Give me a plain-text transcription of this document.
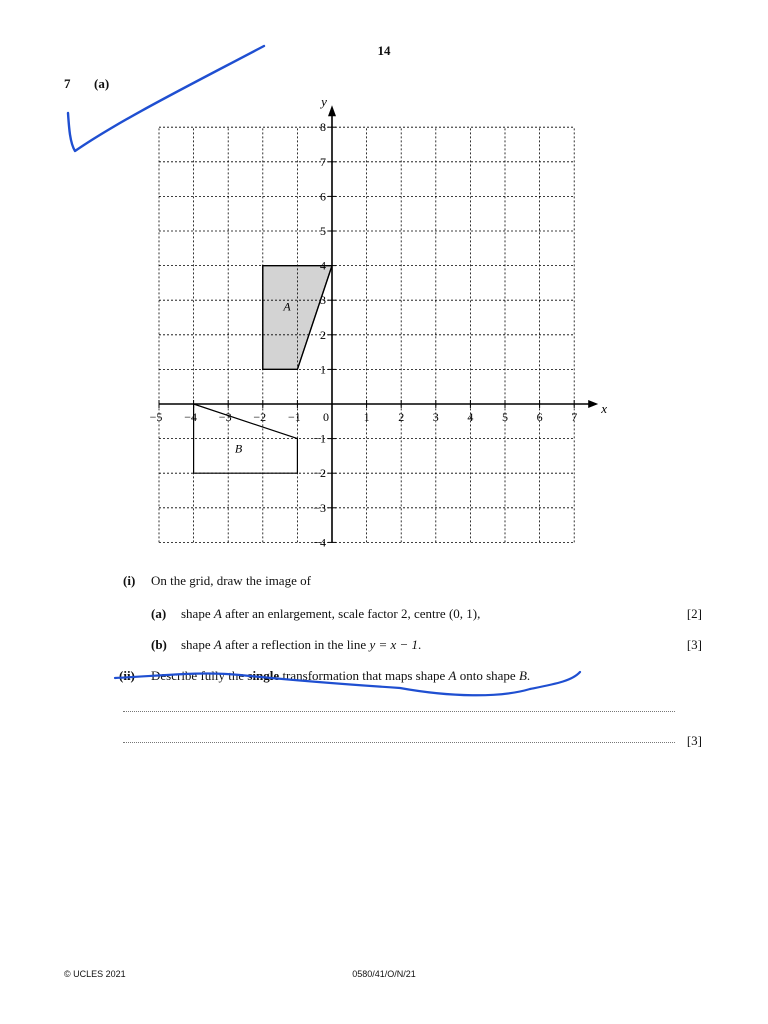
14
7 (a)
−5 −4 −3 −2 −1 0	1 2 3 4 5 6 7
1
2
3
4
5
6
7
8
−1
−2
−3
−4
x
y
A
B
(i) On the grid, draw the image of
(a) shape A after an enlargement, scale factor 2, centre (0, 1),	[2]
(b) shape A after a reflection in the line y = x − 1.	[3]
(ii) Describe fully the single transformation that maps shape A onto shape B.
[3]
© UCLES 2021	0580/41/O/N/21
